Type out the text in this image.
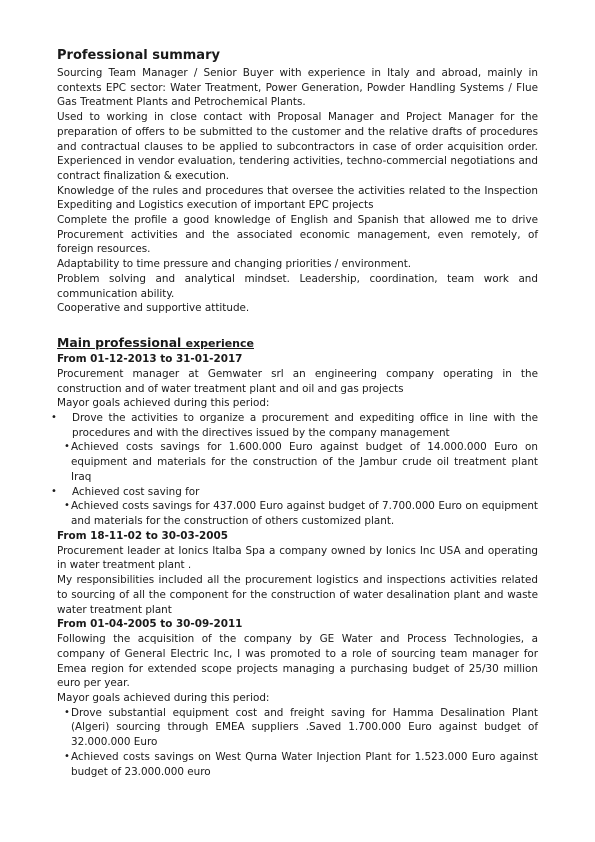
Professional summary

Sourcing Team Manager / Senior Buyer with experience in Italy and abroad, mainly in contexts EPC sector: Water Treatment, Power Generation, Powder Handling Systems / Flue Gas Treatment Plants and Petrochemical Plants.

Used to working in close contact with Proposal Manager and Project Manager for the preparation of offers to be submitted to the customer and the relative drafts of procedures and contractual clauses to be applied to subcontractors in case of order acquisition order. Experienced in vendor evaluation, tendering activities, techno-commercial negotiations and contract finalization & execution.

Knowledge of the rules and procedures that oversee the activities related to the Inspection Expediting and Logistics execution of important EPC projects

Complete the profile a good knowledge of English and Spanish that allowed me to drive Procurement activities and the associated economic management, even remotely, of foreign resources.

Adaptability to time pressure and changing priorities / environment.

Problem solving and analytical mindset. Leadership, coordination, team work and communication ability.

Cooperative and supportive attitude.

Main professional experience
From 01-12-2013 to 31-01-2017

Procurement manager at Gemwater srl an engineering company operating in the construction and of water treatment plant and oil and gas projects

Mayor goals achieved during this period:

• Drove the activities to organize a procurement and expediting office in line with the procedures and with the directives issued by the company management
• Achieved costs savings for 1.600.000 Euro against budget of 14.000.000 Euro on equipment and materials for the construction of the Jambur crude oil treatment plant Iraq
• Achieved cost saving for
• Achieved costs savings for 437.000 Euro against budget of 7.700.000 Euro on equipment and materials for the construction of others customized plant.
From 18-11-02 to 30-03-2005

Procurement leader at Ionics Italba Spa a company owned by Ionics Inc USA and operating in water treatment plant .

My responsibilities included all the procurement logistics and inspections activities related to sourcing of all the component for the construction of water desalination plant and waste water treatment plant

From 01-04-2005 to 30-09-2011

Following the acquisition of the company by GE Water and Process Technologies, a company of General Electric Inc, I was promoted to a role of sourcing team manager for Emea region for extended scope projects managing a purchasing budget of 25/30 million euro per year.

Mayor goals achieved during this period:

• Drove substantial equipment cost and freight saving for Hamma Desalination Plant (Algeri) sourcing through EMEA suppliers .Saved 1.700.000 Euro against budget of 32.000.000 Euro
• Achieved costs savings on West Qurna Water Injection Plant for 1.523.000 Euro against budget of 23.000.000 euro
